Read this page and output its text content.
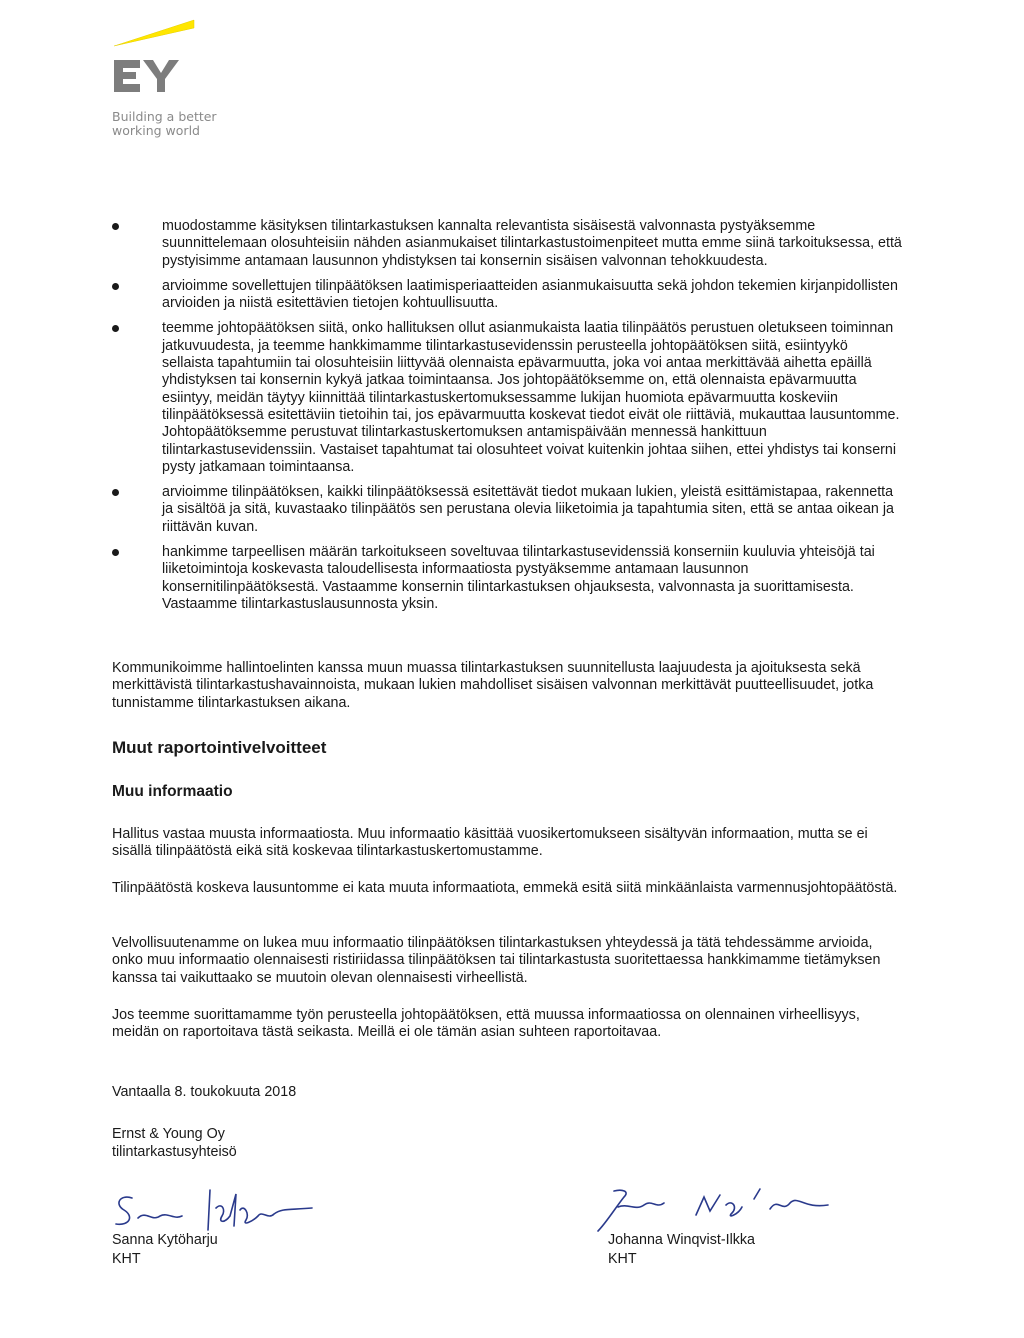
Building a better
working world
muodostamme käsityksen tilintarkastuksen kannalta relevantista sisäisestä valvonnasta pystyäksemme suunnittelemaan olosuhteisiin nähden asianmukaiset tilintarkastustoimenpiteet mutta emme siinä tarkoituksessa, että pystyisimme antamaan lausunnon yhdistyksen tai konsernin sisäisen valvonnan tehokkuudesta.
arvioimme sovellettujen tilinpäätöksen laatimisperiaatteiden asianmukaisuutta sekä johdon tekemien kirjanpidollisten arvioiden ja niistä esitettävien tietojen kohtuullisuutta.
teemme johtopäätöksen siitä, onko hallituksen ollut asianmukaista laatia tilinpäätös perustuen oletukseen toiminnan jatkuvuudesta, ja teemme hankkimamme tilintarkastusevidenssin perusteella johtopäätöksen siitä, esiintyykö sellaista tapahtumiin tai olosuhteisiin liittyvää olennaista epävarmuutta, joka voi antaa merkittävää aihetta epäillä yhdistyksen tai konsernin kykyä jatkaa toimintaansa. Jos johtopäätöksemme on, että olennaista epävarmuutta esiintyy, meidän täytyy kiinnittää tilintarkastuskertomuksessamme lukijan huomiota epävarmuutta koskeviin tilinpäätöksessä esitettäviin tietoihin tai, jos epävarmuutta koskevat tiedot eivät ole riittäviä, mukauttaa lausuntomme. Johtopäätöksemme perustuvat tilintarkastuskertomuksen antamispäivään mennessä hankittuun tilintarkastusevidenssiin. Vastaiset tapahtumat tai olosuhteet voivat kuitenkin johtaa siihen, ettei yhdistys tai konserni pysty jatkamaan toimintaansa.
arvioimme tilinpäätöksen, kaikki tilinpäätöksessä esitettävät tiedot mukaan lukien, yleistä esittämistapaa, rakennetta ja sisältöä ja sitä, kuvastaako tilinpäätös sen perustana olevia liiketoimia ja tapahtumia siten, että se antaa oikean ja riittävän kuvan.
hankimme tarpeellisen määrän tarkoitukseen soveltuvaa tilintarkastusevidenssiä konserniin kuuluvia yhteisöjä tai liiketoimintoja koskevasta taloudellisesta informaatiosta pystyäksemme antamaan lausunnon konsernitilinpäätöksestä. Vastaamme konsernin tilintarkastuksen ohjauksesta, valvonnasta ja suorittamisesta. Vastaamme tilintarkastuslausunnosta yksin.

Kommunikoimme hallintoelinten kanssa muun muassa tilintarkastuksen suunnitellusta laajuudesta ja ajoituksesta sekä merkittävistä tilintarkastushavainnoista, mukaan lukien mahdolliset sisäisen valvonnan merkittävät puutteellisuudet, jotka tunnistamme tilintarkastuksen aikana.

Muut raportointivelvoitteet
Muu informaatio

Hallitus vastaa muusta informaatiosta. Muu informaatio käsittää vuosikertomukseen sisältyvän informaation, mutta se ei sisällä tilinpäätöstä eikä sitä koskevaa tilintarkastuskertomustamme.

Tilinpäätöstä koskeva lausuntomme ei kata muuta informaatiota, emmekä esitä siitä minkäänlaista varmennusjohtopäätöstä.

Velvollisuutenamme on lukea muu informaatio tilinpäätöksen tilintarkastuksen yhteydessä ja tätä tehdessämme arvioida, onko muu informaatio olennaisesti ristiriidassa tilinpäätöksen tai tilintarkastusta suoritettaessa hankkimamme tietämyksen kanssa tai vaikuttaako se muutoin olevan olennaisesti virheellistä.

Jos teemme suorittamamme työn perusteella johtopäätöksen, että muussa informaatiossa on olennainen virheellisyys, meidän on raportoitava tästä seikasta. Meillä ei ole tämän asian suhteen raportoitavaa.

Vantaalla 8. toukokuuta 2018

Ernst & Young Oy

tilintarkastusyhteisö

Sanna Kytöharju

KHT

Johanna Winqvist-Ilkka

KHT
